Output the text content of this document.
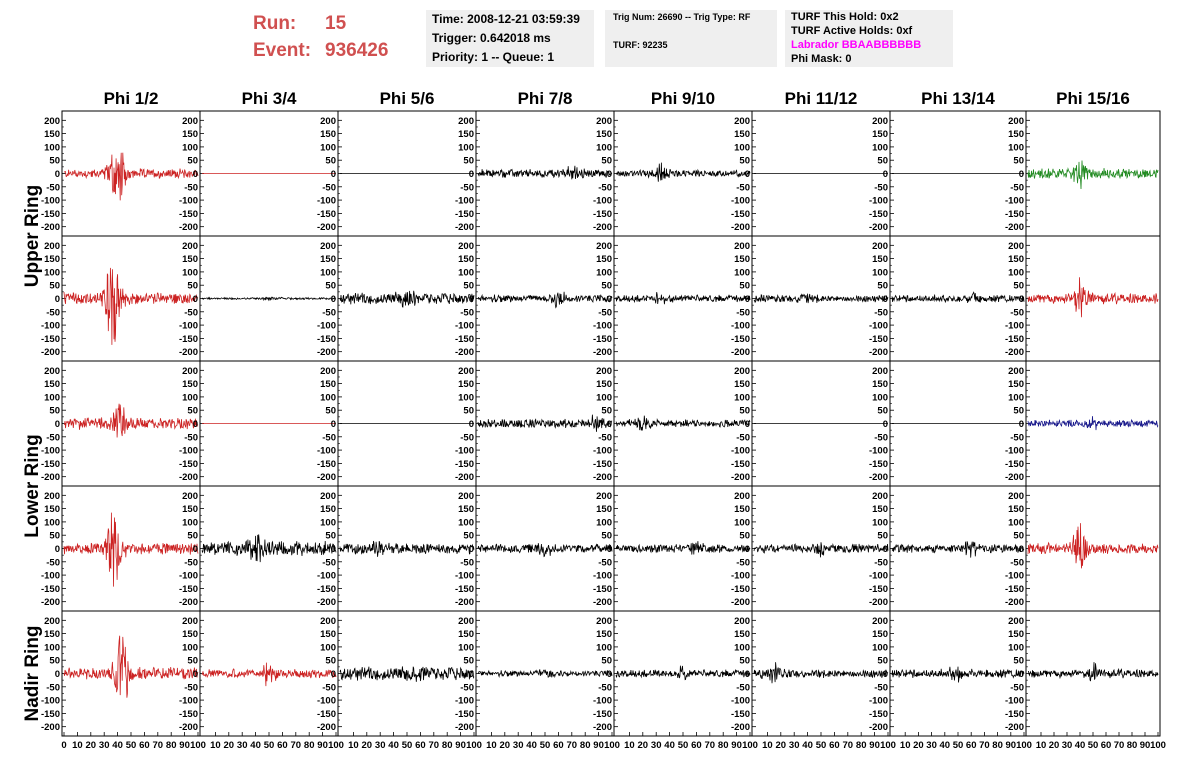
Run: 15
Event: 936426
Time: 2008-12-21 03:59:39
Trigger: 0.642018 ms
Priority: 1 -- Queue: 1
Trig Num: 26690 -- Trig Type: RF
TURF: 92235
TURF This Hold: 0x2
TURF Active Holds: 0xf
Labrador BBAABBBBBB
Phi Mask: 0
Phi 1/2	Phi 3/4	Phi 5/6	Phi 7/8	Phi 9/10	Phi 11/12	Phi 13/14	Phi 15/16
Upper Ring
Lower Ring
Nadir Ring
-200
-150
-100
-50
0
50
100
150
200
-200
-150
-100
-50
0
50
100
150
200
-200
-150
-100
-50
0
50
100
150
200
-200
-150
-100
-50
0
50
100
150
200
-200
-150
-100
-50
0
50
100
150
200
-200
-150
-100
-50
0
50
100
150
200
-200
-150
-100
-50
0
50
100
150
200
-200
-150
-100
-50
0
50
100
150
200
-200
-150
-100
-50
0
50
100
150
200
-200
-150
-100
-50
0
50
100
150
200
-200
-150
-100
-50
0
50
100
150
200
-200
-150
-100
-50
0
50
100
150
200
-200
-150
-100
-50
0
50
100
150
200
-200
-150
-100
-50
0
50
100
150
200
-200
-150
-100
-50
0
50
100
150
200
-200
-150
-100
-50
0
50
100
150
200
-200
-150
-100
-50
0
50
100
150
200
-200
-150
-100
-50
0
50
100
150
200
-200
-150
-100
-50
0
50
100
150
200
-200
-150
-100
-50
0
50
100
150
200
-200
-150
-100
-50
0
50
100
150
200
-200
-150
-100
-50
0
50
100
150
200
-200
-150
-100
-50
0
50
100
150
200
-200
-150
-100
-50
0
50
100
150
200
-200
-150
-100
-50
0
50
100
150
200
-200
-150
-100
-50
0
50
100
150
200
-200
-150
-100
-50
0
50
100
150
200
-200
-150
-100
-50
0
50
100
150
200
-200
-150
-100
-50
0
50
100
150
200
-200
-150
-100
-50
0
50
100
150
200
-200
-150
-100
-50
0
50
100
150
200
-200
-150
-100
-50
0
50
100
150
200
-200
-150
-100
-50
0
50
100
150
200
-200
-150
-100
-50
0
50
100
150
200
-200
-150
-100
-50
0
50
100
150
200
-200
-150
-100
-50
0
50
100
150
200
-200
-150
-100
-50
0
50
100
150
200
-200
-150
-100
-50
0
50
100
150
200
-200
-150
-100
-50
0
50
100
150
200
-200
-150
-100
-50
0
50
100
150
200
0 10 20 30 40 50 60 70 80 90 100 10 20 30 40 50 60 70 80 90 100 10 20 30 40 50 60 70 80 90 100 10 20 30 40 50 60 70 80 90 100 10 20 30 40 50 60 70 80 90 100 10 20 30 40 50 60 70 80 90 100 10 20 30 40 50 60 70 80 90 100 10 20 30 40 50 60 70 80 90 100
